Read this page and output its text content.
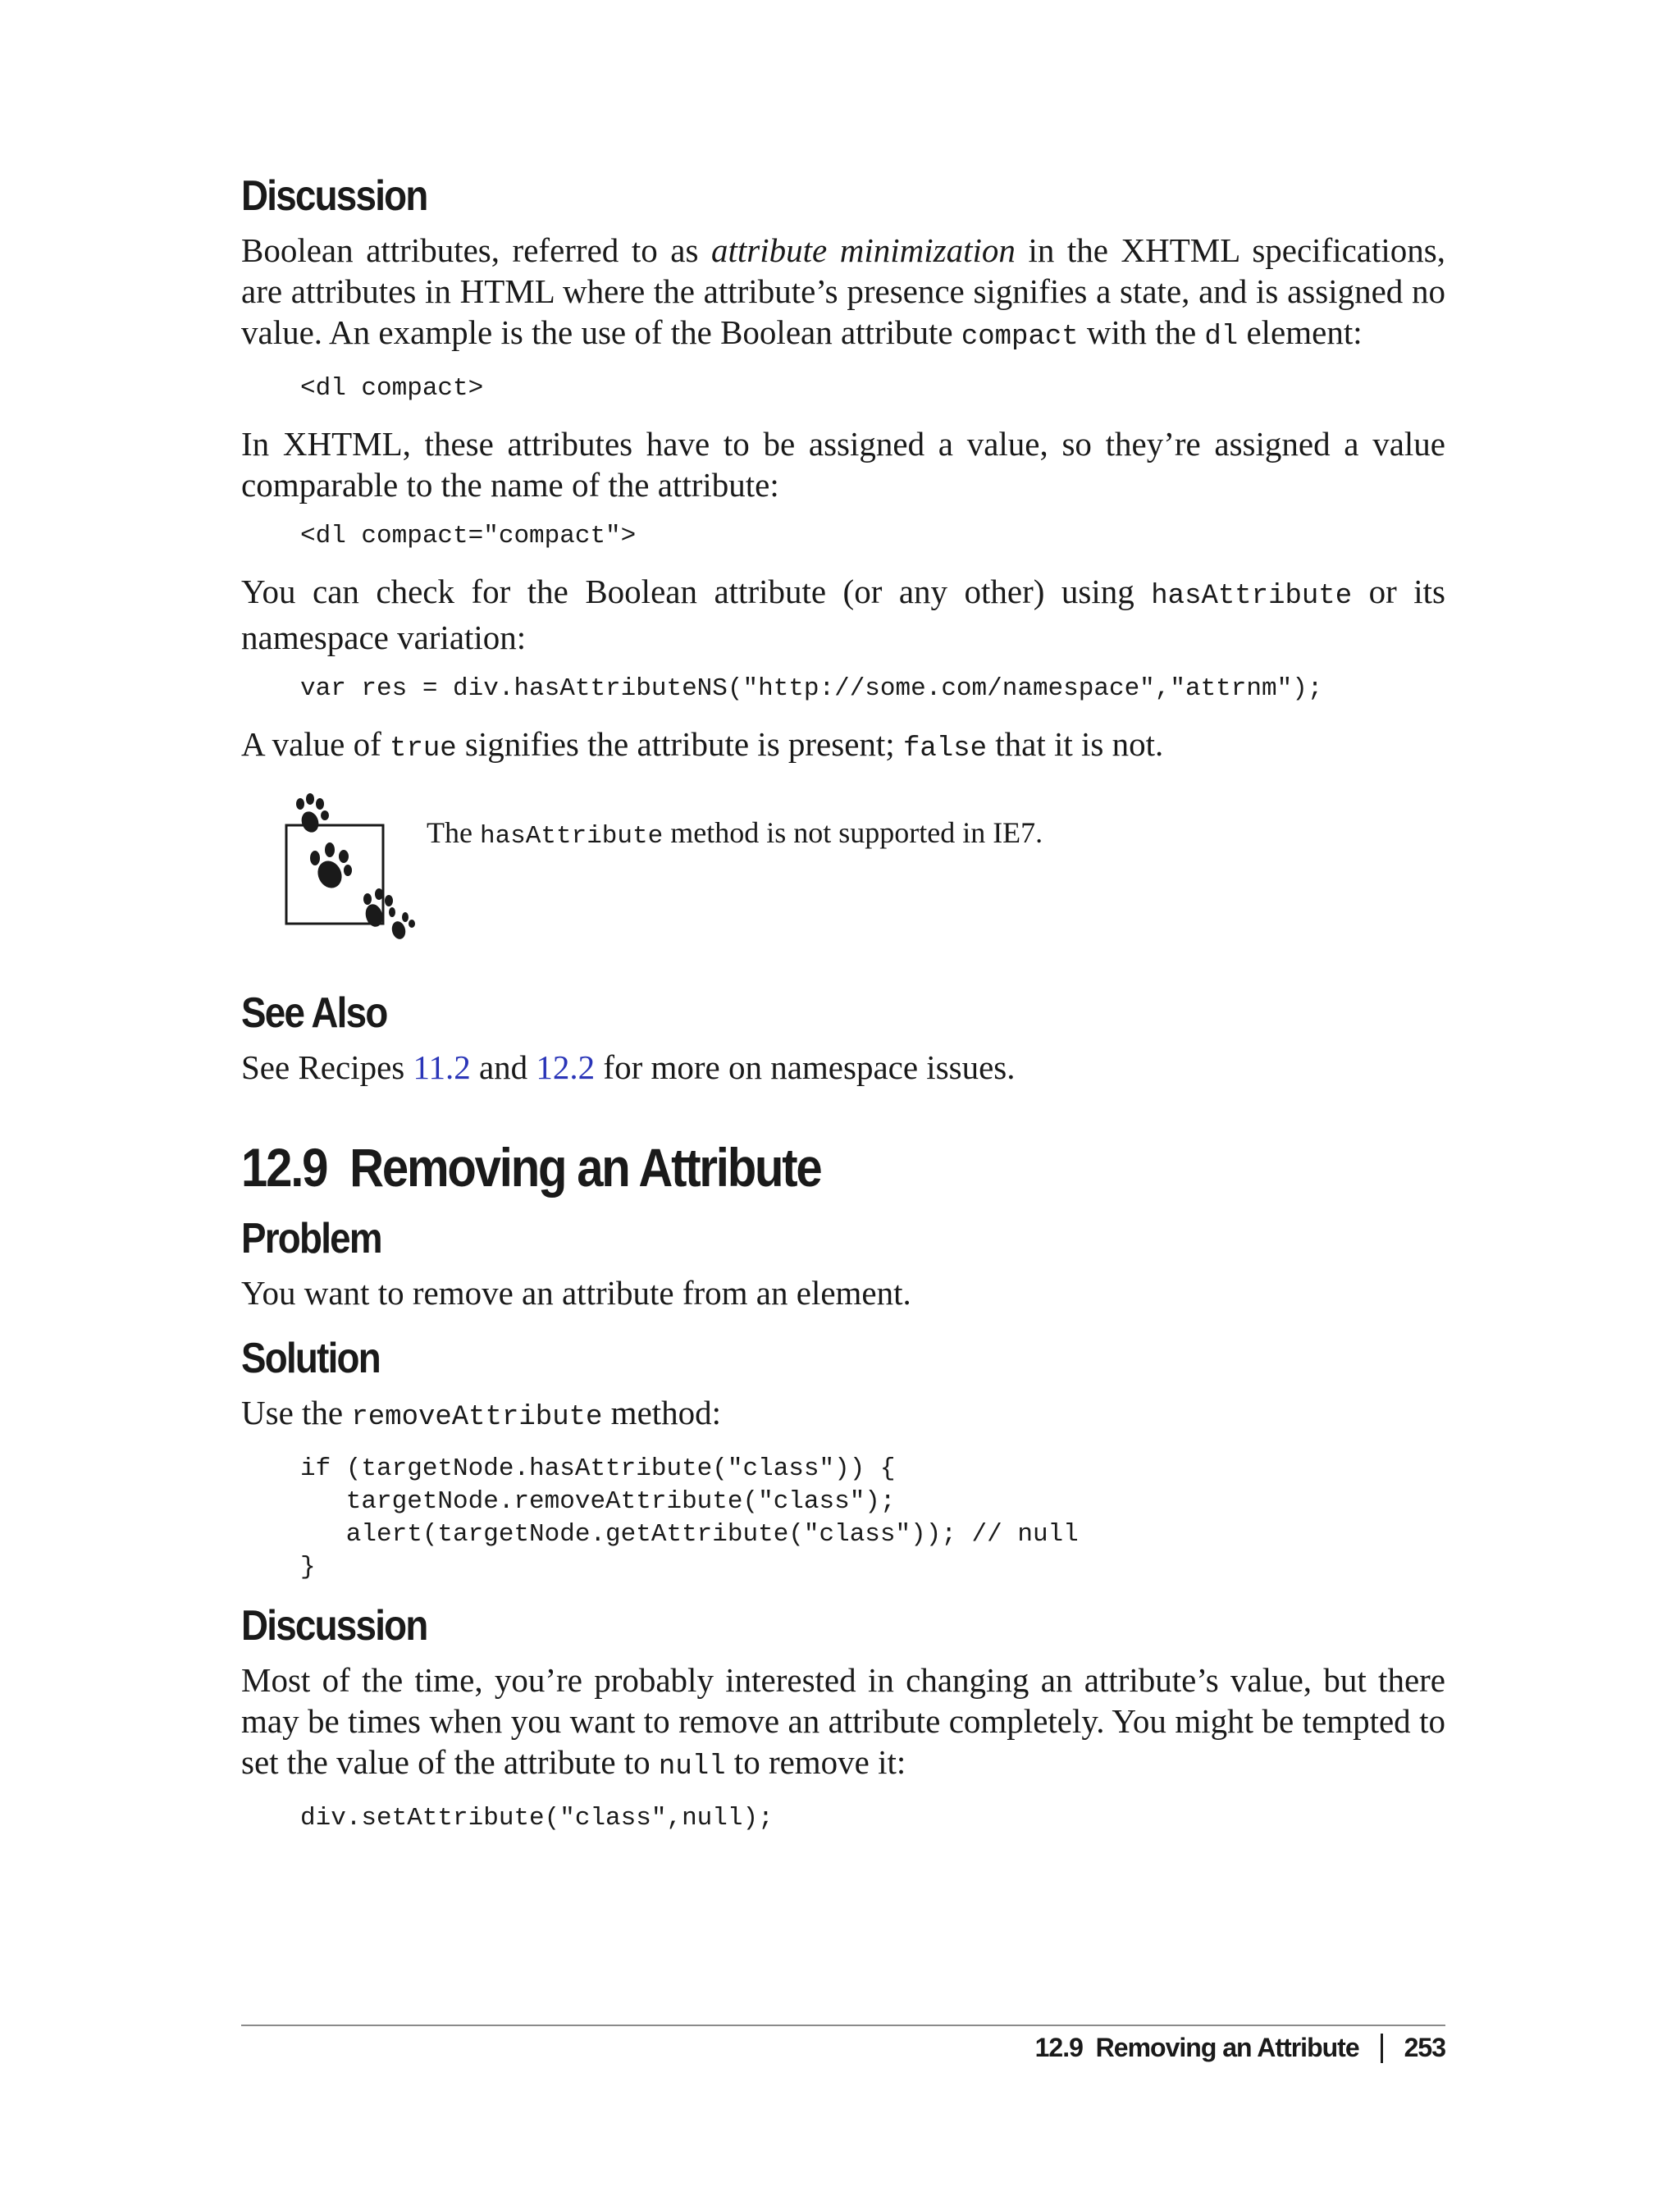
Discussion

Boolean attributes, referred to as attribute minimization in the XHTML specifications, are attributes in HTML where the attribute’s presence signifies a state, and is assigned no value. An example is the use of the Boolean attribute compact with the dl element:

<dl compact>

In XHTML, these attributes have to be assigned a value, so they’re assigned a value comparable to the name of the attribute:

<dl compact="compact">

You can check for the Boolean attribute (or any other) using hasAttribute or its namespace variation:

var res = div.hasAttributeNS("http://some.com/namespace","attrnm");

A value of true signifies the attribute is present; false that it is not.

The hasAttribute method is not supported in IE7.
See Also

See Recipes 11.2 and 12.2 for more on namespace issues.

12.9  Removing an Attribute
Problem

You want to remove an attribute from an element.

Solution

Use the removeAttribute method:

if (targetNode.hasAttribute("class")) {
targetNode.removeAttribute("class");
alert(targetNode.getAttribute("class")); // null
}
Discussion

Most of the time, you’re probably interested in changing an attribute’s value, but there may be times when you want to remove an attribute completely. You might be tempted to set the value of the attribute to null to remove it:

div.setAttribute("class",null);
12.9  Removing an Attribute 253
